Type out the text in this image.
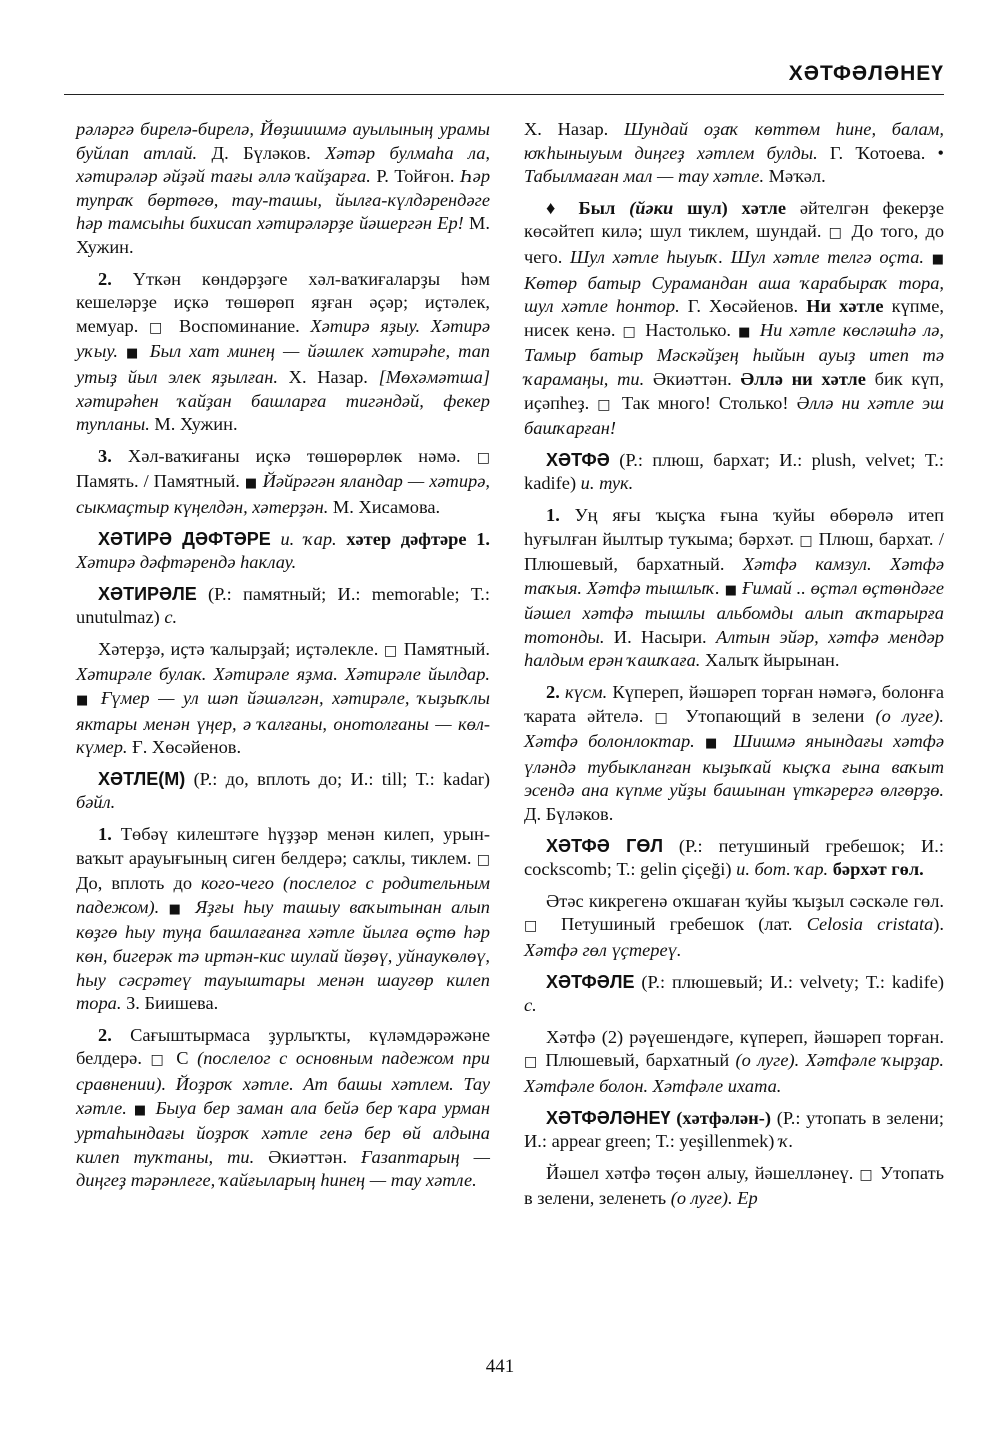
ХӘТФӘЛӘНЕҮ

рәләргә бирелә-бирелә, Йөҙшишмә ауылының урамы буйлап атлай. Д. Бүләков. Хәтәр булмаһа ла, хәтирәләр әйҙәй тағы әллә ҡайҙарға. Р. Тойғон. Һәр тупраҡ бөртөгө, тау-ташы, йылға-күлдәрендәге һәр тамсыһы бихисап хәтирәләрҙе йәшергән Ер! М. Хужин.

2. Үткән көндәрҙәге хәл-ваҡиғаларҙы һәм кешеләрҙе иҫкә төшөрөп яҙған әҫәр; иҫтәлек, мемуар. □ Воспоминание. Хәтирә яҙыу. Хәтирә уҡыу. ■ Был хат минең — йәшлек хәтирәһе, тап утыҙ йыл элек яҙылған. Х. Назар. [Мөхәмәтша] хәтирәһен ҡайҙан башларға тигәндәй, фекер тупланы. М. Хужин.

3. Хәл-ваҡиғаны иҫкә төшөрөрлөк нәмә. □ Память. / Памятный. ■ Йәйрәгән яландар — хәтирә, сыкмаҫтыр күңелдән, хәтерҙән. М. Хисамова.

ХӘТИРӘ ДӘФТӘРЕ и. ҡар. хәтер дәфтәре 1. Хәтирә дәфтәрендә һаклау.

ХӘТИРӘЛЕ (Р.: памятный; И.: memorable; Т.: unutulmaz) с.

Хәтерҙә, иҫтә ҡалырҙай; иҫтәлекле. □ Памятный. Хәтирәле булак. Хәтирәле яҙма. Хәтирәле йылдар. ■ Ғүмер — ул шәп йәшәлгән, хәтирәле, ҡыҙыҡлы яктары менән үңер, ә ҡалғаны, онотолғаны — көл-күмер. Ғ. Хөсәйенов.

ХӘТЛЕ(М) (Р.: до, вплоть до; И.: till; Т.: kadar) бәйл.

1. Төбәү килештәге һүҙҙәр менән килеп, урын-ваҡыт арауығының сиген белдерә; саҡлы, тиклем. □ До, вплоть до кого-чего (послелог с родительным падежом). ■ Яҙғы һыу ташыу ваҡытынан алып көҙгө һыу туңа башлағанға хәтле йылға өҫтө һәр көн, бигерәк тә иртән-кис шулай йөҙөү, уйнаукөлөү, һыу сәсрәтеү тауыштары менән шаугөр килеп тора. З. Биишева.

2. Сағыштырмаса ҙурлыҡты, күләмдәрәжәне белдерә. □ С (послелог с основным падежом при сравнении). Йоҙроҡ хәтле. Ат башы хәтлем. Тау хәтле. ■ Быуа бер заман ала бейә бер ҡара урман уртаһындағы йоҙроҡ хәтле генә бер өй алдына килеп туҡтаны, ти. Әкиәттән. Ғазаптарың — диңгеҙ тәрәнлеге, ҡайғыларың һинең — тау хәтле.

Х. Назар. Шундай оҙаҡ көттөм һине, балам, юҡһыныуым диңгеҙ хәтлем булды. Г. Ҡотоева. • Табылмаған мал — тау хәтле. Мәҡәл.

♦ Был (йәки шул) хәтле әйтелгән фекерҙе көсәйтеп килә; шул тиклем, шундай. □ До того, до чего. Шул хәтле һыуыҡ. Шул хәтле телгә оҫта. ■ Көтөр батыр Сурамандан аша ҡарабыраҡ тора, шул хәтле һонтор. Г. Хөсәйенов. Ни хәтле күпме, нисек кенә. □ Настолько. ■ Ни хәтле көсләшһә лә, Тамыр батыр Мәскәйҙең һыйын ауыҙ итеп тә ҡарамаңы, ти. Әкиәттән. Әллә ни хәтле бик күп, иҫәпһеҙ. □ Так много! Столько! Әллә ни хәтле эш башҡарған!

ХӘТФӘ (Р.: плюш, бархат; И.: plush, velvet; Т.: kadife) и. тук.

1. Уң яғы ҡыҫҡа ғына ҡуйы өбөрөлә итеп һуғылған йылтыр туҡыма; бәрхәт. □ Плюш, бархат. / Плюшевый, бархатный. Хәтфә камзул. Хәтфә таҡыя. Хәтфә тышлыҡ. ■ Ғимай .. өҫтәл өҫтөндәге йәшел хәтфә тышлы альбомды алып аҡтарырға тотонды. И. Насыри. Алтын эйәр, хәтфә мендәр һалдым ерән ҡашҡаға. Халыҡ йырынан.

2. күсм. Күпереп, йәшәреп торған нәмәгә, болонға ҡарата әйтелә. □ Утопающий в зелени (о луге). Хәтфә болонлоктар. ■ Шишмә янындағы хәтфә үләндә тубыкланған кыҙыҡай кыҫҡа ғына ваҡыт эсендә ана күпме уйҙы башынан үткәрергә өлгөрҙө. Д. Бүләков.

ХӘТФӘ ГӨЛ (Р.: петушиный гребешок; И.: cockscomb; Т.: gelin çiçeği) и. бот. ҡар. бәрхәт гөл.

Әтәс кикрегенә оҡшаған ҡуйы ҡыҙыл сәскәле гөл. □ Петушиный гребешок (лат. Celosia cristata). Хәтфә гөл үҫтереү.

ХӘТФӘЛЕ (Р.: плюшевый; И.: velvety; Т.: kadife) с.

Хәтфә (2) рәүешендәге, күпереп, йәшәреп торған. □ Плюшевый, бархатный (о луге). Хәтфәле ҡырҙар. Хәтфәле болон. Хәтфәле ихата.

ХӘТФӘЛӘНЕҮ (хәтфәлән-) (Р.: утопать в зелени; И.: appear green; Т.: yeşillenmek) ҡ.

Йәшел хәтфә төҫөн алыу, йәшелләнеү. □ Утопать в зелени, зеленеть (о луге). Ер

441
